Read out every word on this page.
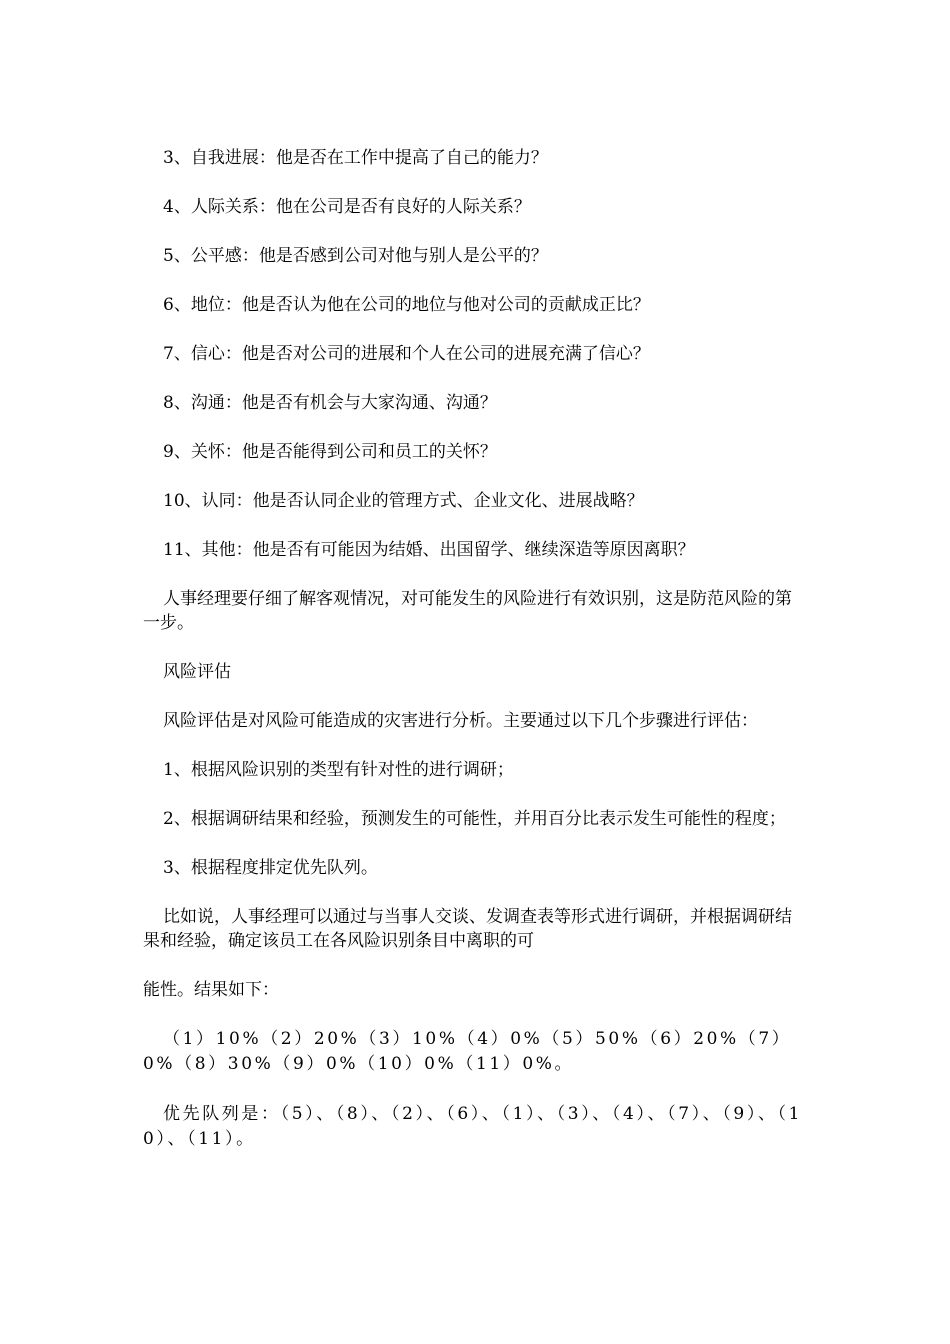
3、自我进展：他是否在工作中提高了自己的能力？

4、人际关系：他在公司是否有良好的人际关系？

5、公平感：他是否感到公司对他与别人是公平的？

6、地位：他是否认为他在公司的地位与他对公司的贡献成正比？

7、信心：他是否对公司的进展和个人在公司的进展充满了信心？

8、沟通：他是否有机会与大家沟通、沟通？

9、关怀：他是否能得到公司和员工的关怀？

10、认同：他是否认同企业的管理方式、企业文化、进展战略？

11、其他：他是否有可能因为结婚、出国留学、继续深造等原因离职？

人事经理要仔细了解客观情况，对可能发生的风险进行有效识别，这是防范风险的第一步。

风险评估

风险评估是对风险可能造成的灾害进行分析。主要通过以下几个步骤进行评估：

1、根据风险识别的类型有针对性的进行调研；

2、根据调研结果和经验，预测发生的可能性，并用百分比表示发生可能性的程度；

3、根据程度排定优先队列。

比如说，人事经理可以通过与当事人交谈、发调查表等形式进行调研，并根据调研结果和经验，确定该员工在各风险识别条目中离职的可

能性。结果如下：

（1）10%（2）20%（3）10%（4）0%（5）50%（6）20%（7）0%（8）30%（9）0%（10）0%（11）0%。

优先队列是：（5）、（8）、（2）、（6）、（1）、（3）、（4）、（7）、（9）、（10）、（11）。
